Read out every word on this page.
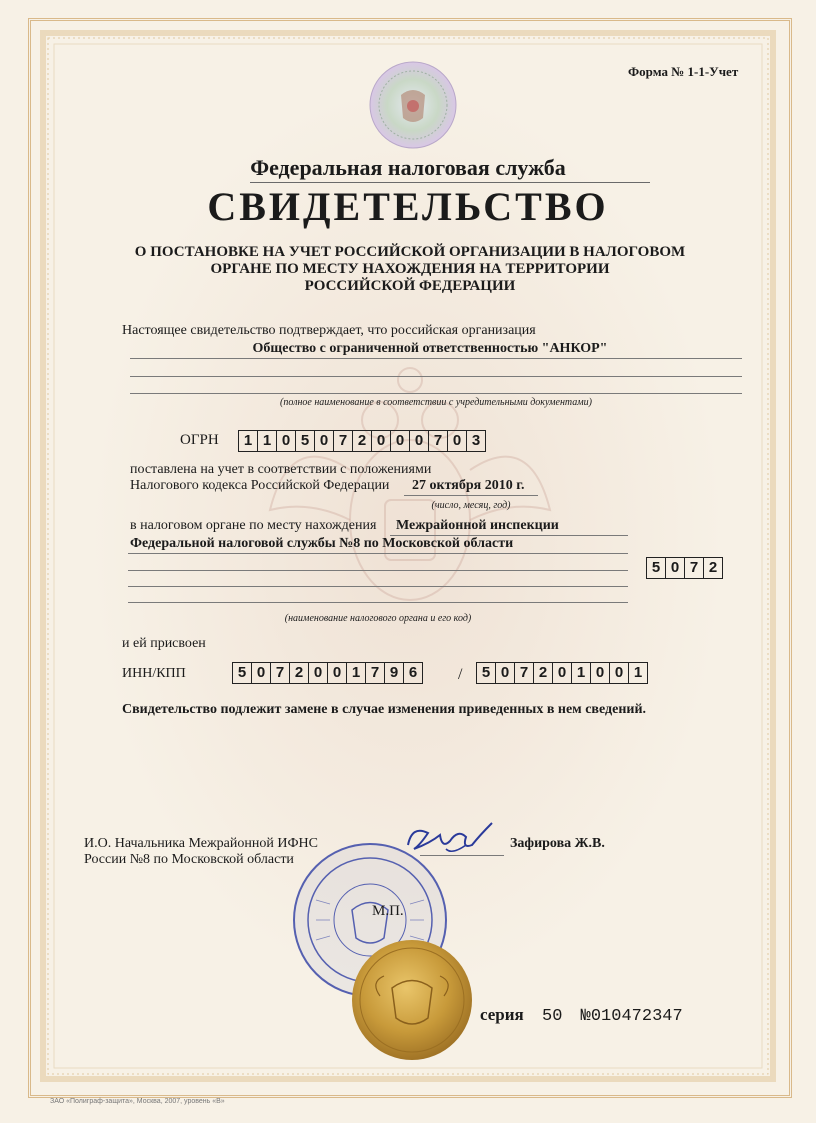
Форма № 1-1-Учет
Федеральная налоговая служба
СВИДЕТЕЛЬСТВО
О ПОСТАНОВКЕ НА УЧЕТ РОССИЙСКОЙ ОРГАНИЗАЦИИ В НАЛОГОВОМ
ОРГАНЕ ПО МЕСТУ НАХОЖДЕНИЯ НА ТЕРРИТОРИИ
РОССИЙСКОЙ ФЕДЕРАЦИИ
Настоящее свидетельство подтверждает, что российская организация
Общество с ограниченной ответственностью "АНКОР"
(полное наименование в соответствии с учредительными документами)
ОГРН	1 1 0 5 0 7 2 0 0 0 7 0 3
поставлена на учет в соответствии с положениями
Налогового кодекса Российской Федерации 27 октября 2010 г.
(число, месяц, год)
в налоговом органе по месту нахождения Межрайонной инспекции
Федеральной налоговой службы №8 по Московской области
5 0 7 2
(наименование налогового органа и его код)
и ей присвоен
ИНН/КПП	5 0 7 2 0 0 1 7 9 6	/	5 0 7 2 0 1 0 0 1
Свидетельство подлежит замене в случае изменения приведенных в нем сведений.
И.О. Начальника Межрайонной ИФНС
России №8 по Московской области
Зафирова Ж.В.
М.П.
серия 50 №010472347
ЗАО «Полиграф-защита», Москва, 2007, уровень «В»
